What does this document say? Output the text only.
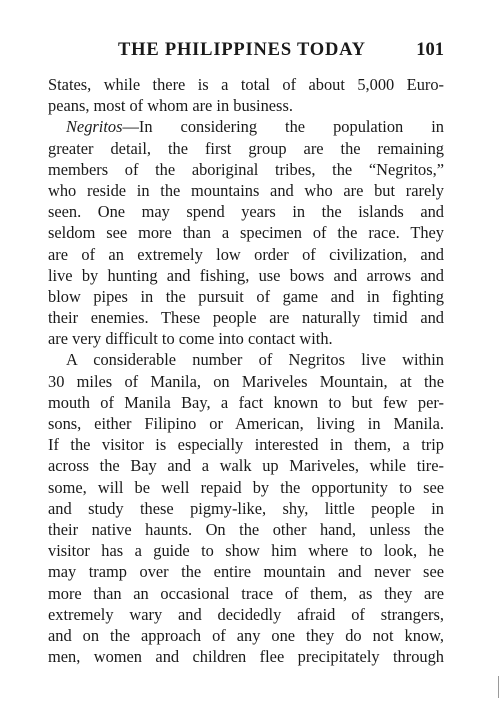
THE PHILIPPINES TODAY	101
States, while there is a total of about 5,000 Euro-
peans, most of whom are in business.
Negritos—In considering the population in
greater detail, the first group are the remaining
members of the aboriginal tribes, the “Negritos,”
who reside in the mountains and who are but rarely
seen. One may spend years in the islands and
seldom see more than a specimen of the race. They
are of an extremely low order of civilization, and
live by hunting and fishing, use bows and arrows and
blow pipes in the pursuit of game and in fighting
their enemies. These people are naturally timid and
are very difficult to come into contact with.
A considerable number of Negritos live within
30 miles of Manila, on Mariveles Mountain, at the
mouth of Manila Bay, a fact known to but few per-
sons, either Filipino or American, living in Manila.
If the visitor is especially interested in them, a trip
across the Bay and a walk up Mariveles, while tire-
some, will be well repaid by the opportunity to see
and study these pigmy-like, shy, little people in
their native haunts. On the other hand, unless the
visitor has a guide to show him where to look, he
may tramp over the entire mountain and never see
more than an occasional trace of them, as they are
extremely wary and decidedly afraid of strangers,
and on the approach of any one they do not know,
men, women and children flee precipitately through
